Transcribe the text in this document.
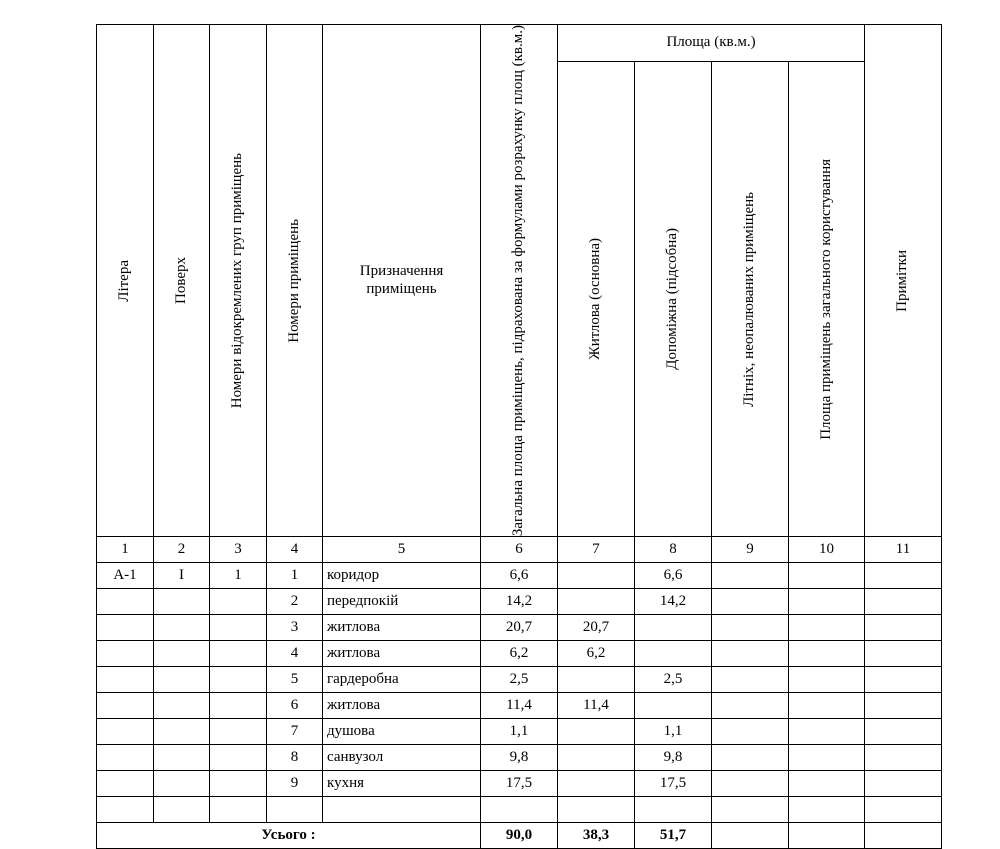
Літера	Поверх	Номери відокремлених груп приміщень	Номери приміщень	Призначення приміщень	Загальна площа приміщень, підрахована за формулами розрахунку площ (кв.м.)	Площа (кв.м.)				Примітки

						Житлова (основна)	Допоміжна (підсобна)	Літніх, неопалюваних приміщень	Площа приміщень загального користування	

1	2	3	4	5	6	7	8	9	10	11
А-1	І	1	1	коридор	6,6		6,6			
			2	передпокій	14,2		14,2			
			3	житлова	20,7	20,7				
			4	житлова	6,2	6,2				
			5	гардеробна	2,5		2,5			
			6	житлова	11,4	11,4				
			7	душова	1,1		1,1			
			8	санвузол	9,8		9,8			
			9	кухня	17,5		17,5			

Усього :					90,0	38,3	51,7			
